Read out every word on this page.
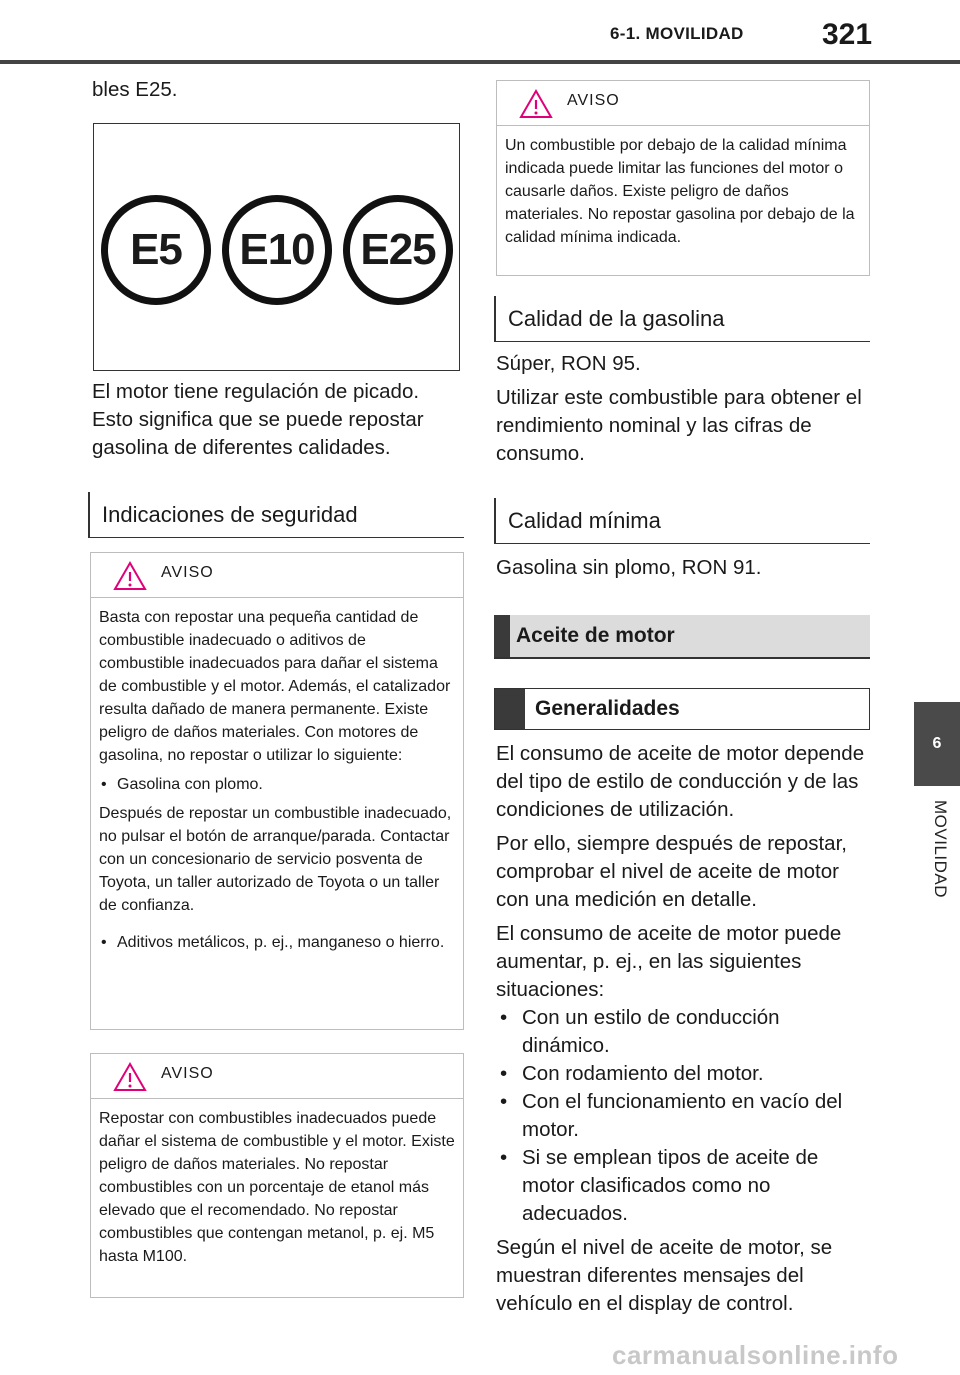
6-1. MOVILIDAD	321
6
MOVILIDAD

bles E25.

E5	E10	E25

El motor tiene regulación de picado.

Esto significa que se puede repostar

gasolina de diferentes calidades.

Indicaciones de seguridad
AVISO

Basta con repostar una pequeña cantidad de combustible inadecuado o aditivos de combustible inadecuados para dañar el sistema de combustible y el motor. Además, el catalizador resulta dañado de manera permanente. Existe peligro de daños materiales. Con motores de gasolina, no repostar o utilizar lo siguiente:

• Gasolina con plomo.

Después de repostar un combustible inadecuado, no pulsar el botón de arranque/parada. Contactar con un concesionario de servicio posventa de Toyota, un taller autorizado de Toyota o un taller de confianza.

• Aditivos metálicos, p. ej., manganeso o hierro.

AVISO

Repostar con combustibles inadecuados puede dañar el sistema de combustible y el motor. Existe peligro de daños materiales. No repostar combustibles con un porcentaje de etanol más elevado que el recomendado. No repostar combustibles que contengan metanol, p. ej. M5 hasta M100.

AVISO

Un combustible por debajo de la calidad mínima indicada puede limitar las funciones del motor o causarle daños. Existe peligro de daños materiales. No repostar gasolina por debajo de la calidad mínima indicada.

Calidad de la gasolina

Súper, RON 95.

Utilizar este combustible para obtener el rendimiento nominal y las cifras de consumo.

Calidad mínima

Gasolina sin plomo, RON 91.

Aceite de motor
Generalidades

El consumo de aceite de motor depende del tipo de estilo de conducción y de las condiciones de utilización.

Por ello, siempre después de repostar, comprobar el nivel de aceite de motor con una medición en detalle.

El consumo de aceite de motor puede aumentar, p. ej., en las siguientes situaciones:

• Con un estilo de conducción dinámico.

• Con rodamiento del motor.

• Con el funcionamiento en vacío del motor.

• Si se emplean tipos de aceite de motor clasificados como no adecuados.

Según el nivel de aceite de motor, se muestran diferentes mensajes del vehículo en el display de control.

carmanualsonline.info
